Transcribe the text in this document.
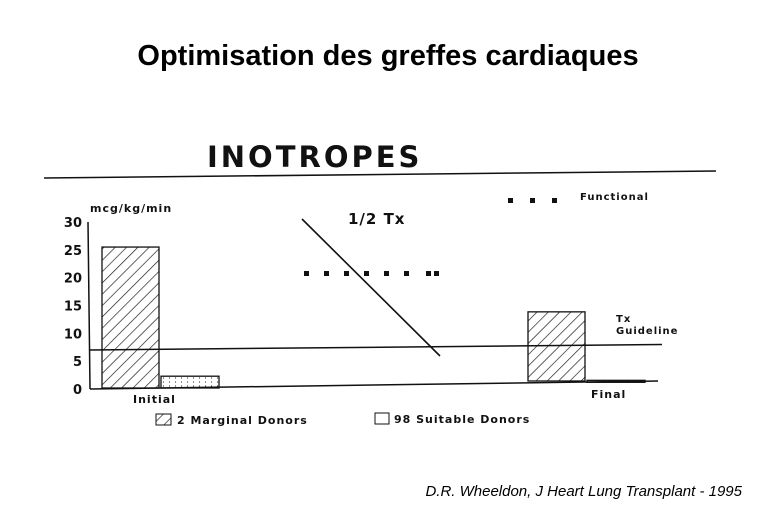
Optimisation des greffes cardiaques
INOTROPES
mcg/kg/min
0
5
10
15
20
25
30
Initial	Final
Tx
Guideline
1/2 Tx
Functional
2 Marginal Donors	98 Suitable Donors
D.R. Wheeldon, J Heart Lung Transplant - 1995
